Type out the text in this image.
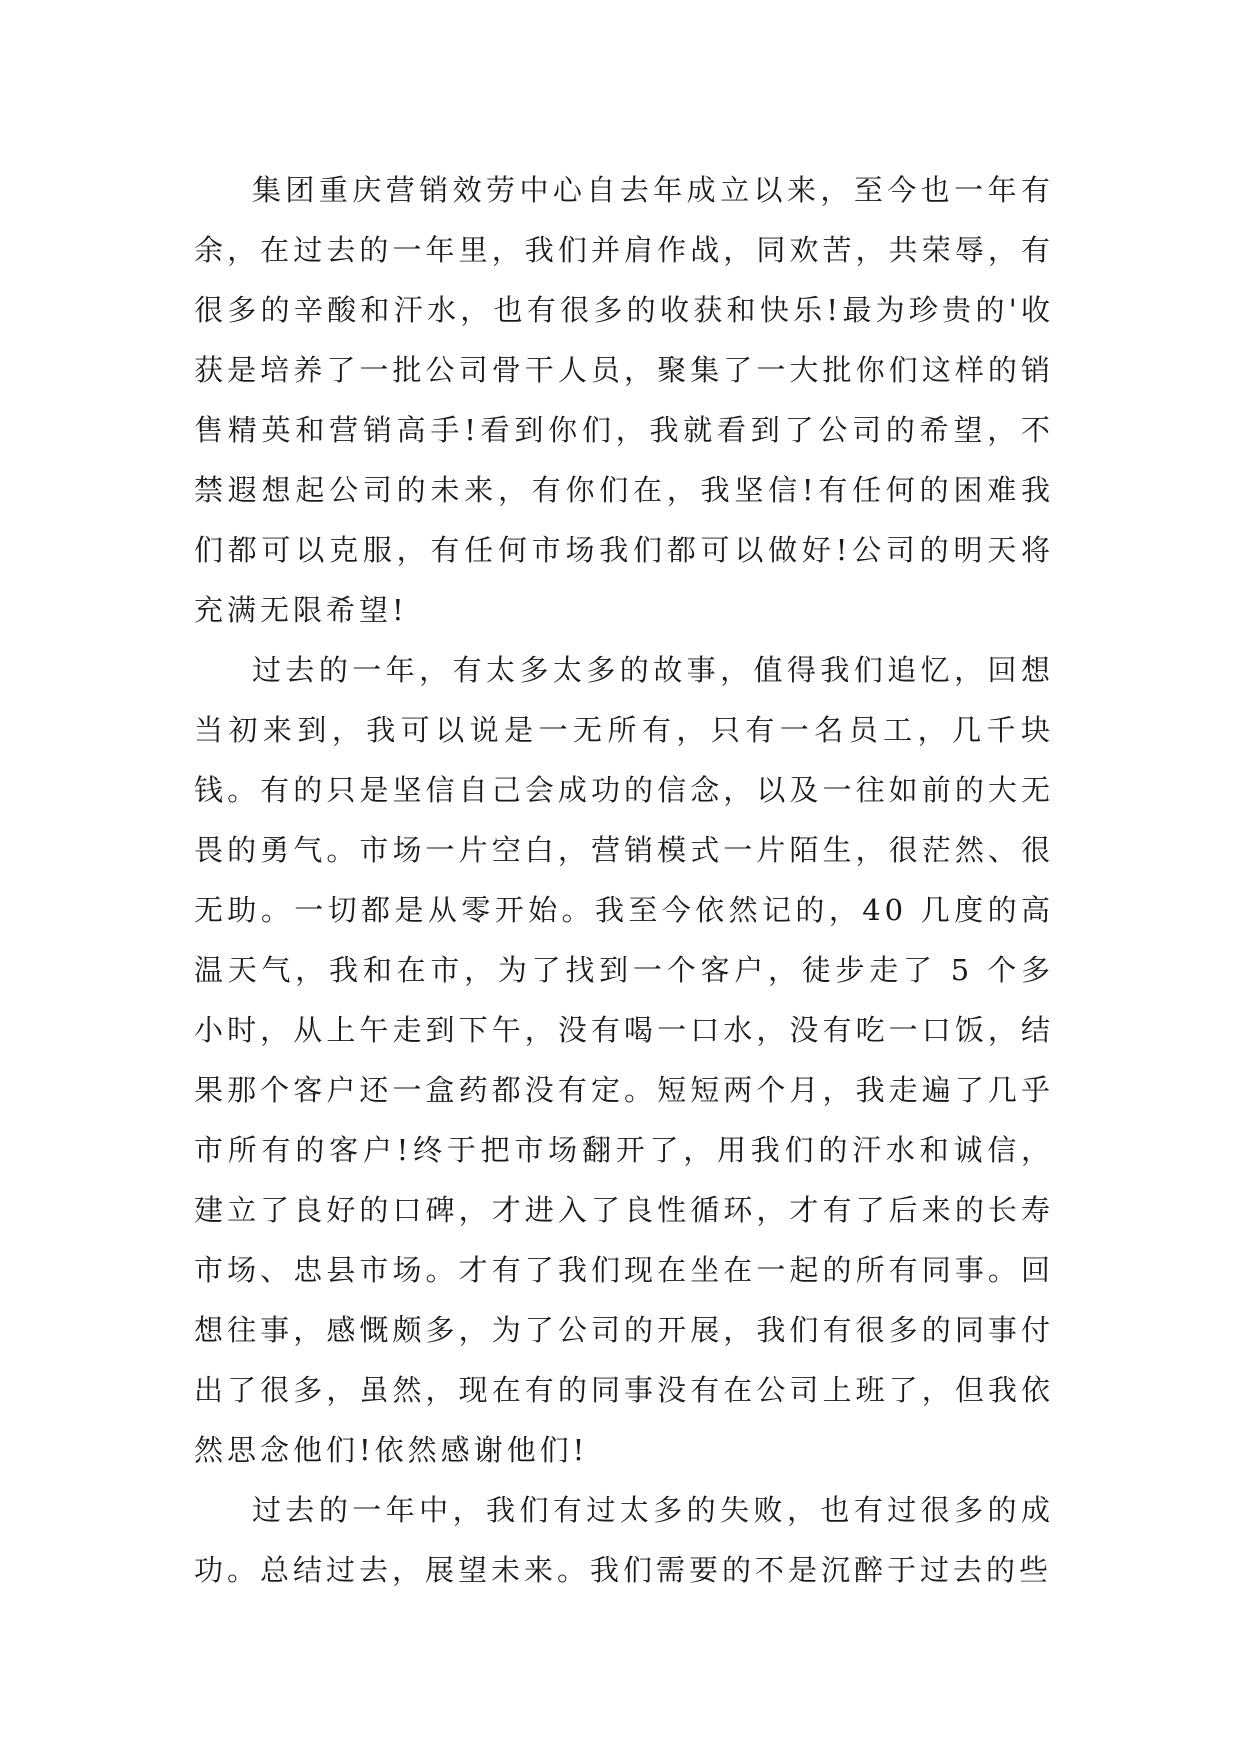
集团重庆营销效劳中心自去年成立以来，至今也一年有余，在过去的一年里，我们并肩作战，同欢苦，共荣辱，有很多的辛酸和汗水，也有很多的收获和快乐!最为珍贵的'收获是培养了一批公司骨干人员，聚集了一大批你们这样的销售精英和营销高手!看到你们，我就看到了公司的希望，不禁遐想起公司的未来，有你们在，我坚信!有任何的困难我们都可以克服，有任何市场我们都可以做好!公司的明天将充满无限希望!

过去的一年，有太多太多的故事，值得我们追忆，回想当初来到，我可以说是一无所有，只有一名员工，几千块钱。有的只是坚信自己会成功的信念，以及一往如前的大无畏的勇气。市场一片空白，营销模式一片陌生，很茫然、很无助。一切都是从零开始。我至今依然记的，40 几度的高温天气，我和在市，为了找到一个客户，徒步走了 5 个多小时，从上午走到下午，没有喝一口水，没有吃一口饭，结果那个客户还一盒药都没有定。短短两个月，我走遍了几乎市所有的客户!终于把市场翻开了，用我们的汗水和诚信，建立了良好的口碑，才进入了良性循环，才有了后来的长寿市场、忠县市场。才有了我们现在坐在一起的所有同事。回想往事，感慨颇多，为了公司的开展，我们有很多的同事付出了很多，虽然，现在有的同事没有在公司上班了，但我依然思念他们!依然感谢他们!

过去的一年中，我们有过太多的失败，也有过很多的成功。总结过去，展望未来。我们需要的不是沉醉于过去的些
